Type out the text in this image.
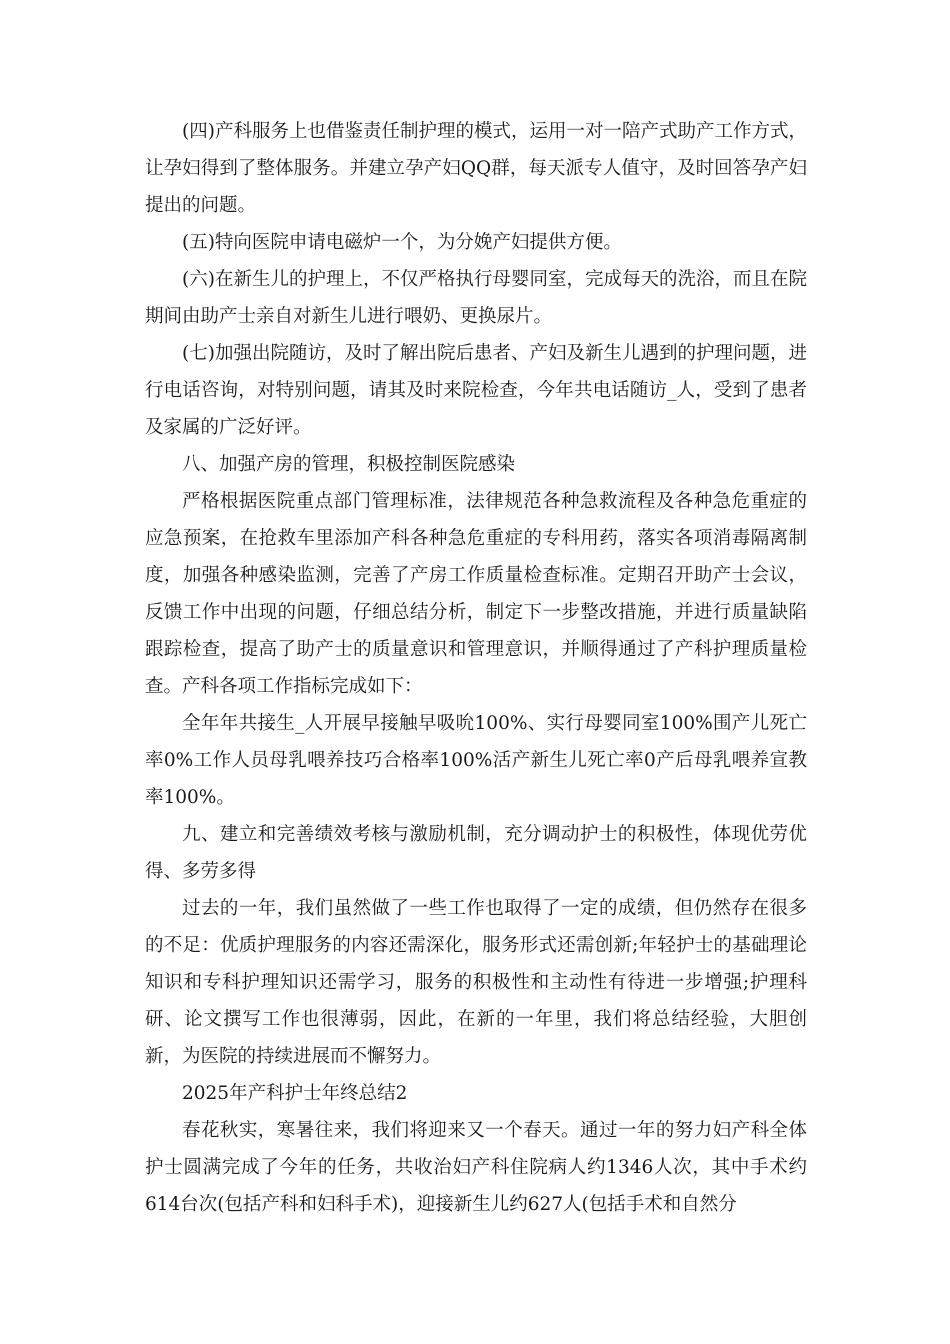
(四)产科服务上也借鉴责任制护理的模式，运用一对一陪产式助产工作方式，让孕妇得到了整体服务。并建立孕产妇QQ群，每天派专人值守，及时回答孕产妇提出的问题。

(五)特向医院申请电磁炉一个，为分娩产妇提供方便。

(六)在新生儿的护理上，不仅严格执行母婴同室，完成每天的洗浴，而且在院期间由助产士亲自对新生儿进行喂奶、更换尿片。

(七)加强出院随访，及时了解出院后患者、产妇及新生儿遇到的护理问题，进行电话咨询，对特别问题，请其及时来院检查，今年共电话随访_人，受到了患者及家属的广泛好评。

八、加强产房的管理，积极控制医院感染

严格根据医院重点部门管理标准，法律规范各种急救流程及各种急危重症的应急预案，在抢救车里添加产科各种急危重症的专科用药，落实各项消毒隔离制度，加强各种感染监测，完善了产房工作质量检查标准。定期召开助产士会议，反馈工作中出现的问题，仔细总结分析，制定下一步整改措施，并进行质量缺陷跟踪检查，提高了助产士的质量意识和管理意识，并顺得通过了产科护理质量检查。产科各项工作指标完成如下：

全年年共接生_人开展早接触早吸吮100%、实行母婴同室100%围产儿死亡率0%工作人员母乳喂养技巧合格率100%活产新生儿死亡率0产后母乳喂养宣教率100%。

九、建立和完善绩效考核与激励机制，充分调动护士的积极性，体现优劳优得、多劳多得

过去的一年，我们虽然做了一些工作也取得了一定的成绩，但仍然存在很多的不足：优质护理服务的内容还需深化，服务形式还需创新;年轻护士的基础理论知识和专科护理知识还需学习，服务的积极性和主动性有待进一步增强;护理科研、论文撰写工作也很薄弱，因此，在新的一年里，我们将总结经验，大胆创新，为医院的持续进展而不懈努力。

2025年产科护士年终总结2

春花秋实，寒暑往来，我们将迎来又一个春天。通过一年的努力妇产科全体护士圆满完成了今年的任务，共收治妇产科住院病人约1346人次，其中手术约614台次(包括产科和妇科手术)，迎接新生儿约627人(包括手术和自然分
